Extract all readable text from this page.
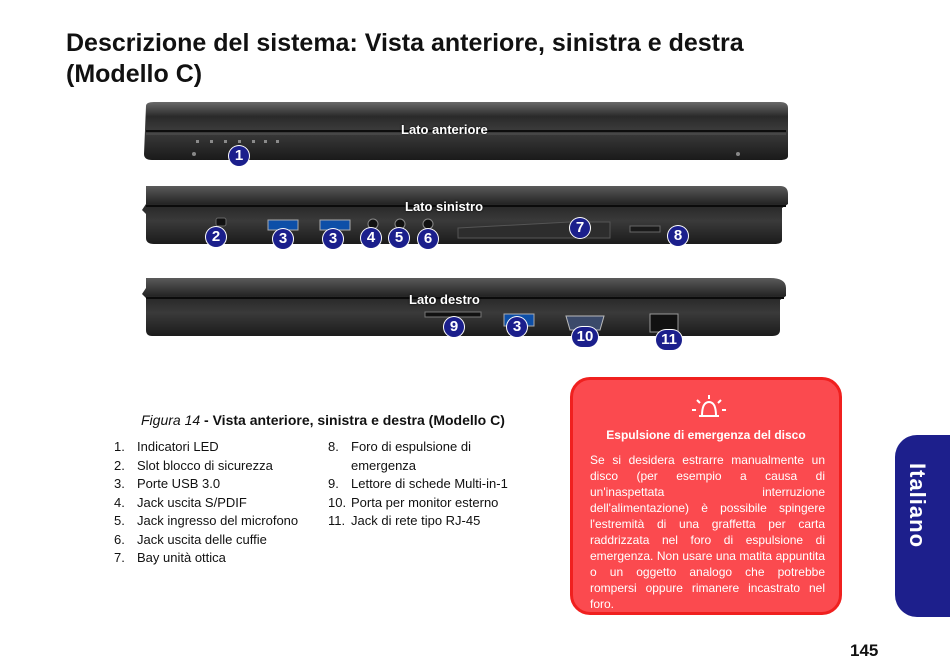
Descrizione del sistema: Vista anteriore, sinistra e destra (Modello C)
Lato anteriore
1
Lato sinistro
2	3	3	4	5	6
7	8
Lato destro
9	3
10	11
Figura 14 - Vista anteriore, sinistra e destra (Modello C)
1. Indicatori LED
2. Slot blocco di sicurezza
3. Porte USB 3.0
4. Jack uscita S/PDIF
5. Jack ingresso del microfono
6. Jack uscita delle cuffie
7. Bay unità ottica
8. Foro di espulsione di emergenza
9. Lettore di schede Multi-in-1
10. Porta per monitor esterno
11. Jack di rete tipo RJ-45
Espulsione di emergenza del disco
Se si desidera estrarre manualmente un disco (per esempio a causa di un'inaspettata interruzione dell'alimentazione) è possibile spingere l'estremità di una graffetta per carta raddrizzata nel foro di espulsione di emergenza. Non usare una matita appuntita o un oggetto analogo che potrebbe rompersi oppure rimanere incastrato nel foro.
Italiano
145
